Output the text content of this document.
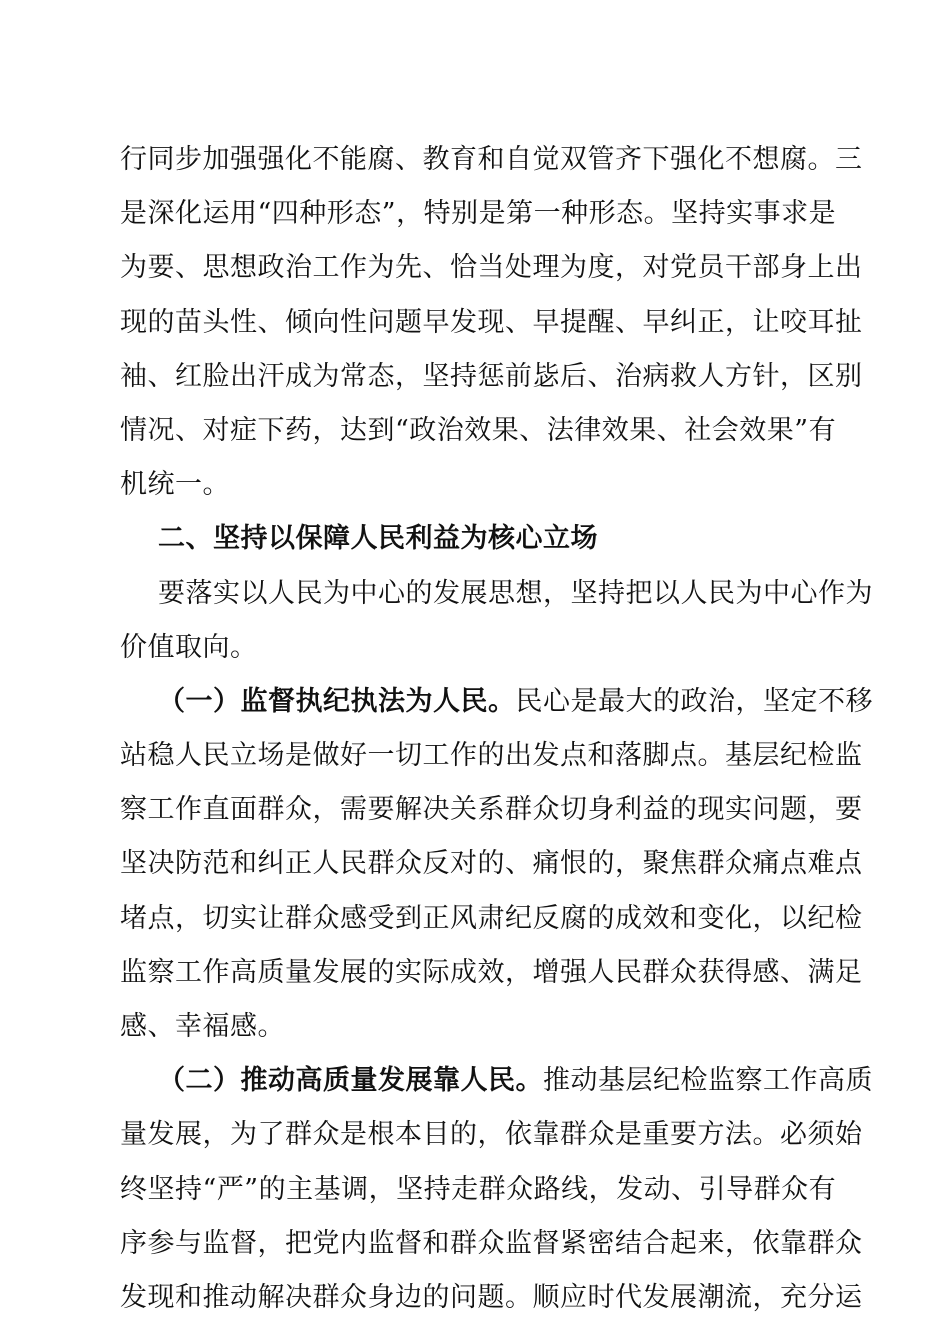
行同步加强强化不能腐、教育和自觉双管齐下强化不想腐。三
是深化运用“四种形态”，特别是第一种形态。坚持实事求是
为要、思想政治工作为先、恰当处理为度，对党员干部身上出
现的苗头性、倾向性问题早发现、早提醒、早纠正，让咬耳扯
袖、红脸出汗成为常态，坚持惩前毖后、治病救人方针，区别
情况、对症下药，达到“政治效果、法律效果、社会效果”有
机统一。
二、坚持以保障人民利益为核心立场
要落实以人民为中心的发展思想，坚持把以人民为中心作为
价值取向。
（一）监督执纪执法为人民。民心是最大的政治，坚定不移
站稳人民立场是做好一切工作的出发点和落脚点。基层纪检监
察工作直面群众，需要解决关系群众切身利益的现实问题，要
坚决防范和纠正人民群众反对的、痛恨的，聚焦群众痛点难点
堵点，切实让群众感受到正风肃纪反腐的成效和变化，以纪检
监察工作高质量发展的实际成效，增强人民群众获得感、满足
感、幸福感。
（二）推动高质量发展靠人民。推动基层纪检监察工作高质
量发展，为了群众是根本目的，依靠群众是重要方法。必须始
终坚持“严”的主基调，坚持走群众路线，发动、引导群众有
序参与监督，把党内监督和群众监督紧密结合起来，依靠群众
发现和推动解决群众身边的问题。顺应时代发展潮流，充分运
